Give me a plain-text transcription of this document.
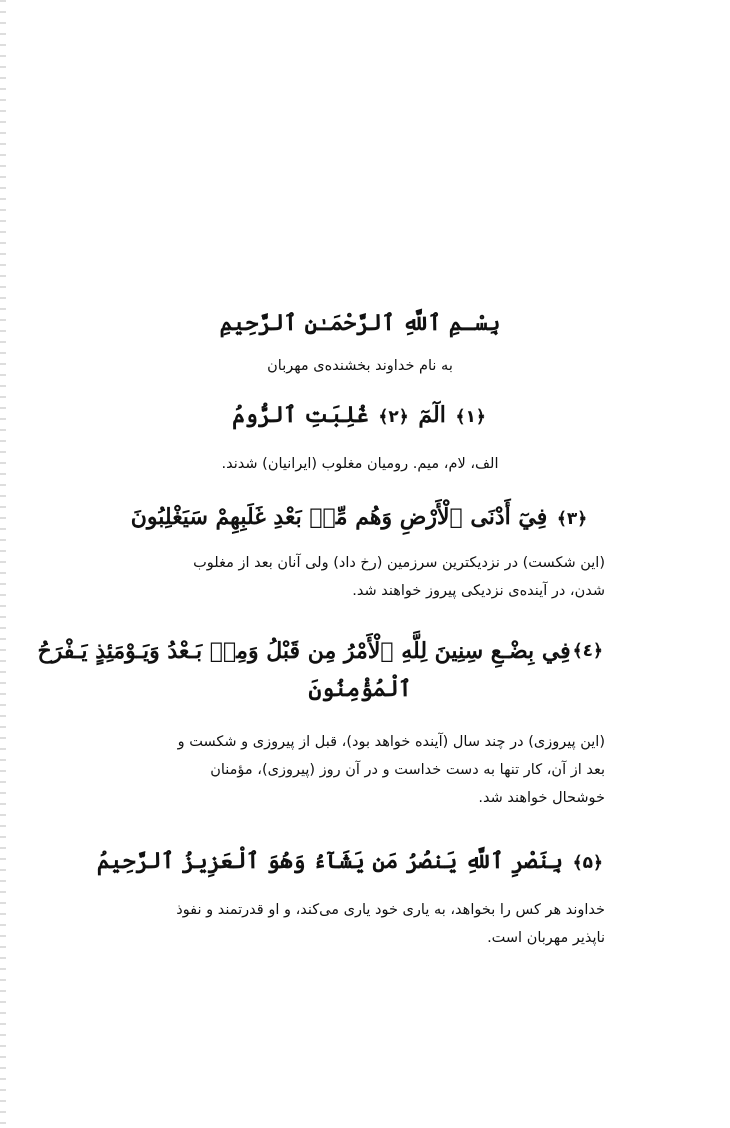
بِسْـمِ ٱللَّهِ ٱلرَّحْمَـٰنِ ٱلرَّحِيمِ
به نام خداوند بخشنده‌ی مهربان
﴿۱﴾ الٓمٓ ﴿۲﴾ غُلِبَتِ ٱلرُّومُ
الف، لام، میم. رومیان مغلوب (ایرانیان) شدند.
﴿۳﴾ فِيٓ أَدْنَى ٱلْأَرْضِ وَهُم مِّنۢ بَعْدِ غَلَبِهِمْ سَيَغْلِبُونَ
(این شکست) در نزدیکترین سرزمین (رخ داد) ولی آنان بعد از مغلوب
شدن، در آینده‌ی نزدیکی پیروز خواهند شد.
﴿٤﴾
فِي بِضْـعِ سِنِينَ لِلَّهِ ٱلْأَمْرُ مِن قَبْلُ وَمِنۢ بَـعْدُ وَيَـوْمَئِذٍ يَـفْرَحُ
ٱلْمُؤْمِنُونَ
(این پیروزی) در چند سال (آینده خواهد بود)، قبل از پیروزی و شکست و
بعد از آن، کار تنها به دست خداست و در آن روز (پیروزی)، مؤمنان
خوشحال خواهند شد.
﴿۵﴾ بِنَصْرِ ٱللَّهِ يَنصُرُ مَن يَشَآءُ وَهُوَ ٱلْعَزِيزُ ٱلرَّحِيمُ
خداوند هر کس را بخواهد، به یاری خود یاری می‌کند، و او قدرتمند و نفوذ
ناپذیر مهربان است.
